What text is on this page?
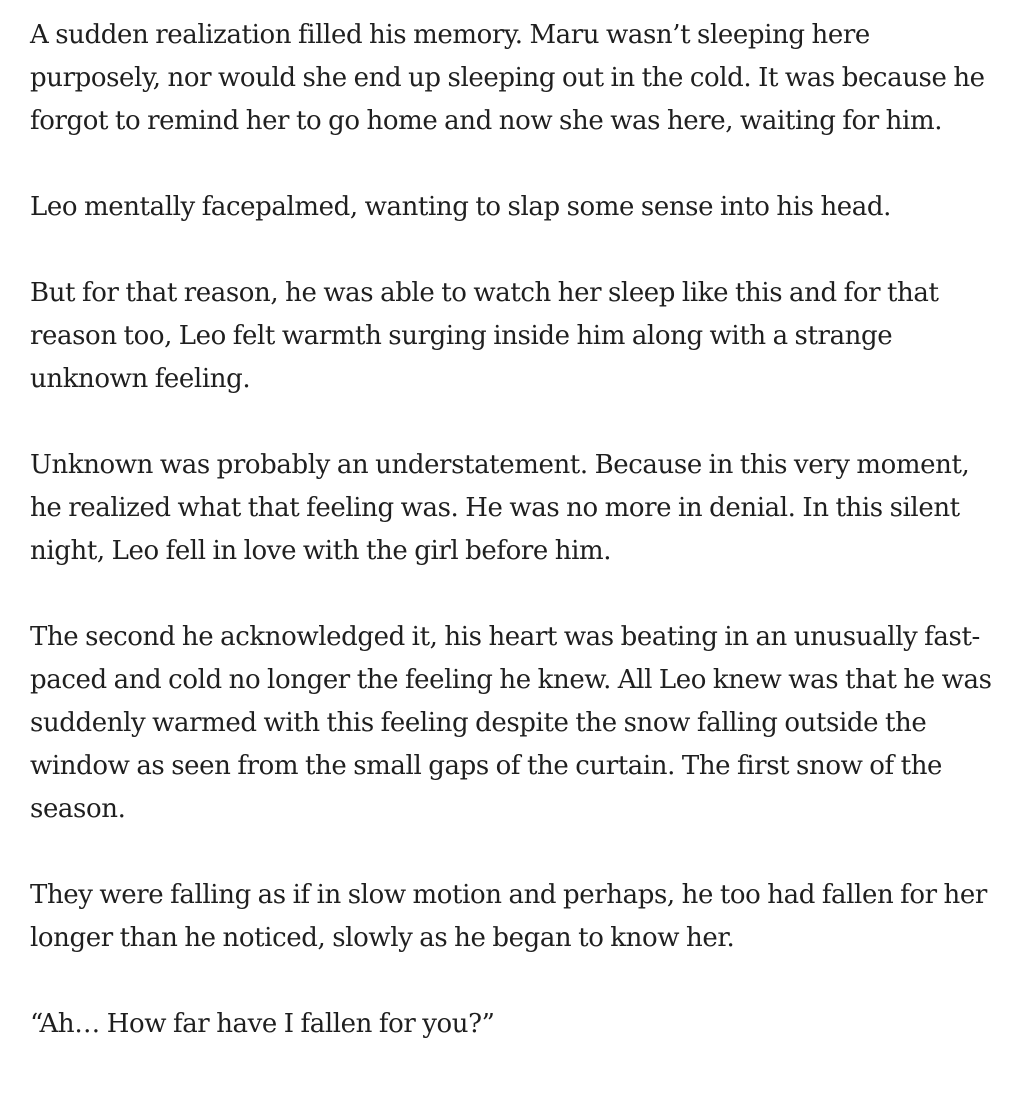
A sudden realization filled his memory. Maru wasn’t sleeping here purposely, nor would she end up sleeping out in the cold. It was because he forgot to remind her to go home and now she was here, waiting for him.

Leo mentally facepalmed, wanting to slap some sense into his head.

But for that reason, he was able to watch her sleep like this and for that reason too, Leo felt warmth surging inside him along with a strange unknown feeling.

Unknown was probably an understatement. Because in this very moment, he realized what that feeling was. He was no more in denial. In this silent night, Leo fell in love with the girl before him.

The second he acknowledged it, his heart was beating in an unusually fast-paced and cold no longer the feeling he knew. All Leo knew was that he was suddenly warmed with this feeling despite the snow falling outside the window as seen from the small gaps of the curtain. The first snow of the season.

They were falling as if in slow motion and perhaps, he too had fallen for her longer than he noticed, slowly as he began to know her.

“Ah… How far have I fallen for you?”
